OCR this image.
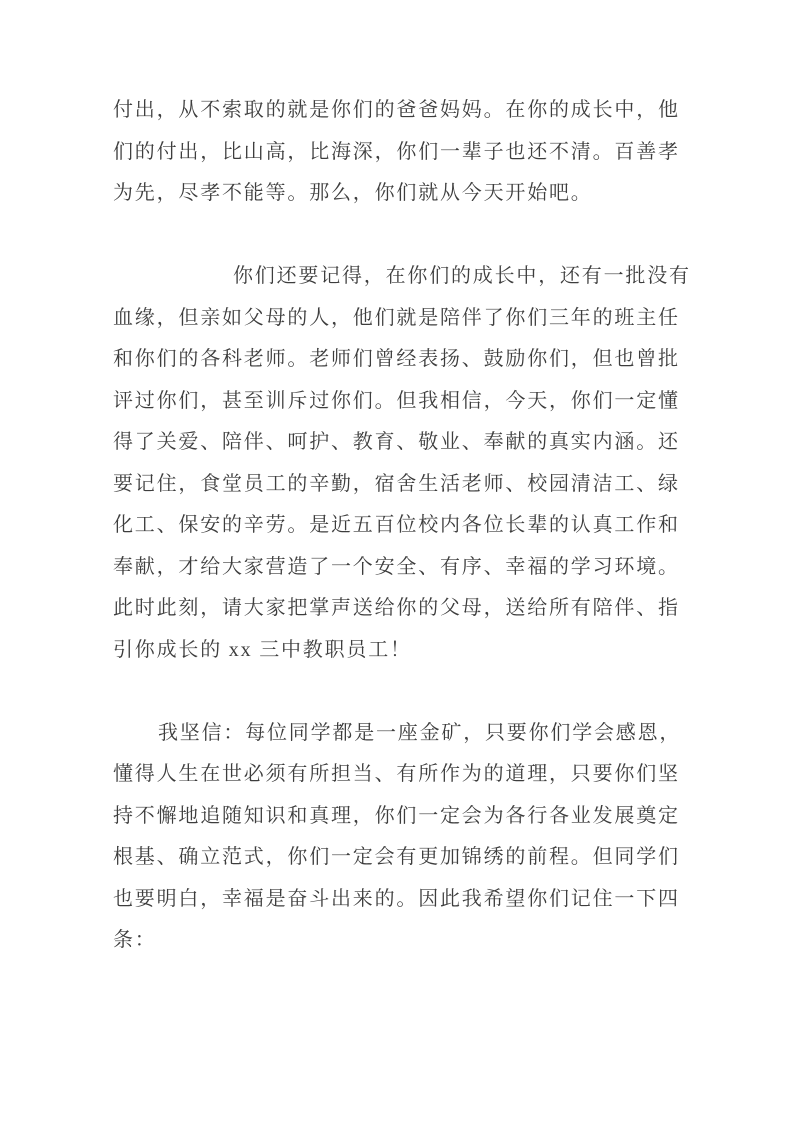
付出，从不索取的就是你们的爸爸妈妈。在你的成长中，他
们的付出，比山高，比海深，你们一辈子也还不清。百善孝
为先，尽孝不能等。那么，你们就从今天开始吧。
你们还要记得，在你们的成长中，还有一批没有
血缘，但亲如父母的人，他们就是陪伴了你们三年的班主任
和你们的各科老师。老师们曾经表扬、鼓励你们，但也曾批
评过你们，甚至训斥过你们。但我相信，今天，你们一定懂
得了关爱、陪伴、呵护、教育、敬业、奉献的真实内涵。还
要记住，食堂员工的辛勤，宿舍生活老师、校园清洁工、绿
化工、保安的辛劳。是近五百位校内各位长辈的认真工作和
奉献，才给大家营造了一个安全、有序、幸福的学习环境。
此时此刻，请大家把掌声送给你的父母，送给所有陪伴、指
引你成长的 xx 三中教职员工！
我坚信：每位同学都是一座金矿，只要你们学会感恩，
懂得人生在世必须有所担当、有所作为的道理，只要你们坚
持不懈地追随知识和真理，你们一定会为各行各业发展奠定
根基、确立范式，你们一定会有更加锦绣的前程。但同学们
也要明白，幸福是奋斗出来的。因此我希望你们记住一下四
条：
